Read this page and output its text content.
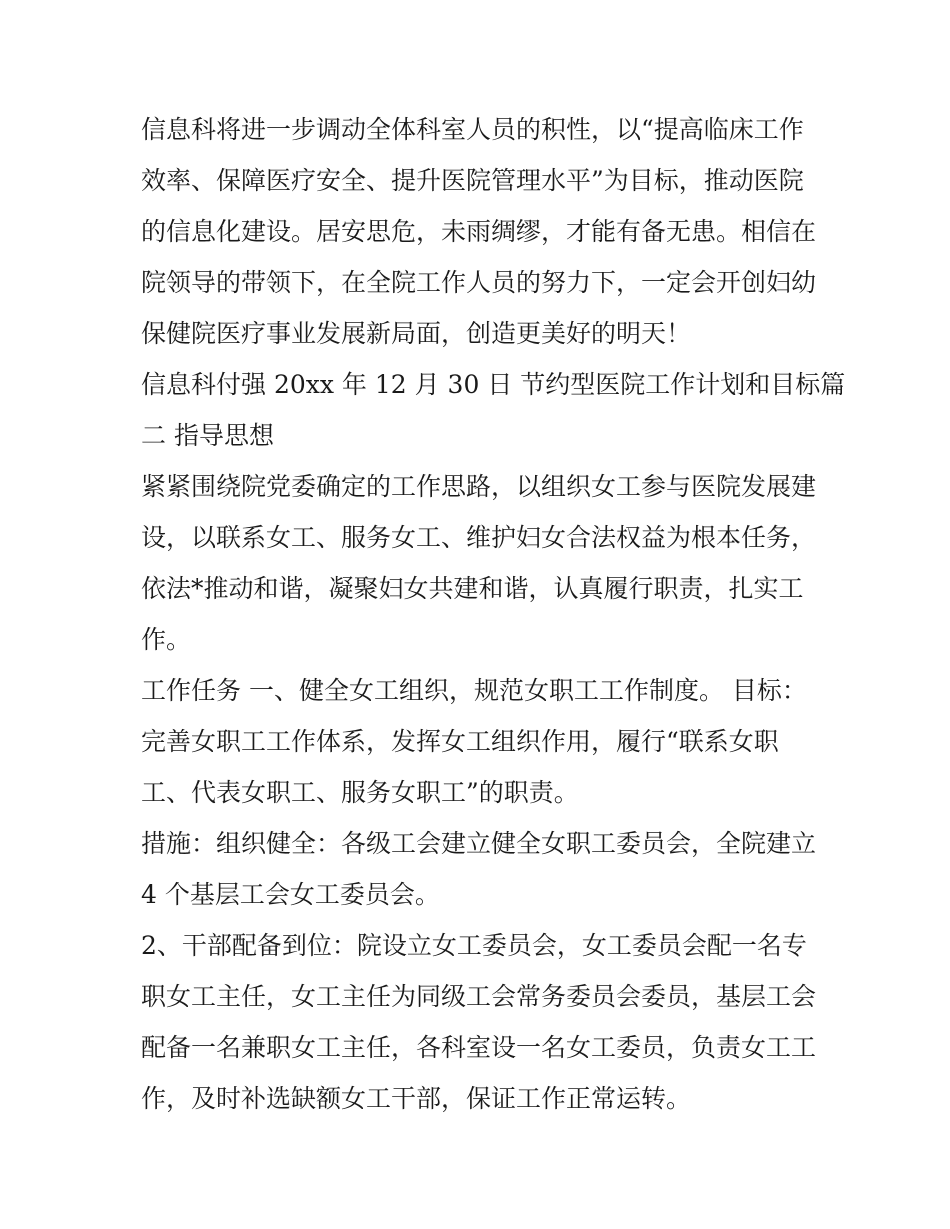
信息科将进一步调动全体科室人员的积性，以“提高临床工作
效率、保障医疗安全、提升医院管理水平”为目标，推动医院
的信息化建设。居安思危，未雨绸缪，才能有备无患。相信在
院领导的带领下，在全院工作人员的努力下，一定会开创妇幼
保健院医疗事业发展新局面，创造更美好的明天！
信息科付强 20xx 年 12 月 30 日 节约型医院工作计划和目标篇
二 指导思想
紧紧围绕院党委确定的工作思路，以组织女工参与医院发展建
设，以联系女工、服务女工、维护妇女合法权益为根本任务，
依法*推动和谐，凝聚妇女共建和谐，认真履行职责，扎实工
作。
工作任务 一、健全女工组织，规范女职工工作制度。 目标：
完善女职工工作体系，发挥女工组织作用，履行“联系女职
工、代表女职工、服务女职工”的职责。
措施：组织健全：各级工会建立健全女职工委员会，全院建立
4 个基层工会女工委员会。
2、干部配备到位：院设立女工委员会，女工委员会配一名专
职女工主任，女工主任为同级工会常务委员会委员，基层工会
配备一名兼职女工主任，各科室设一名女工委员，负责女工工
作，及时补选缺额女工干部，保证工作正常运转。
